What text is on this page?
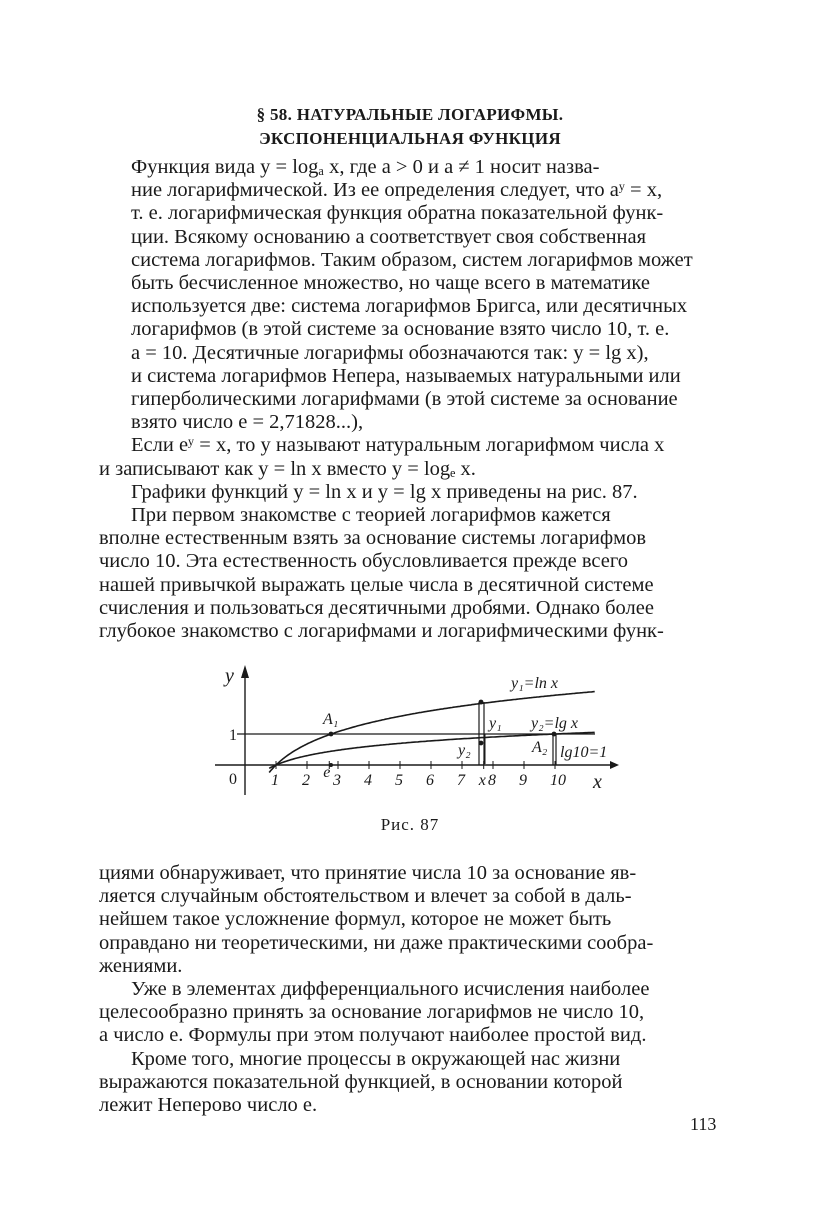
§ 58. НАТУРАЛЬНЫЕ ЛОГАРИФМЫ.
ЭКСПОНЕНЦИАЛЬНАЯ ФУНКЦИЯ
Функция вида y = logₐ x, где a > 0 и a ≠ 1 носит назва-
ние логарифмической. Из ее определения следует, что aʸ = x,
т. е. логарифмическая функция обратна показательной функ-
ции. Всякому основанию a соответствует своя собственная
система логарифмов. Таким образом, систем логарифмов может
быть бесчисленное множество, но чаще всего в математике
используется две: система логарифмов Бригса, или десятичных
логарифмов (в этой системе за основание взято число 10, т. е.
a = 10. Десятичные логарифмы обозначаются так: y = lg x),
и система логарифмов Непера, называемых натуральными или
гиперболическими логарифмами (в этой системе за основание
взято число e = 2,71828...),
Если eʸ = x, то y называют натуральным логарифмом числа x
и записывают как y = ln x вместо y = logₑ x.
Графики функций y = ln x и y = lg x приведены на рис. 87.
При первом знакомстве с теорией логарифмов кажется
вполне естественным взять за основание системы логарифмов
число 10. Эта естественность обусловливается прежде всего
нашей привычкой выражать целые числа в десятичной системе
счисления и пользоваться десятичными дробями. Однако более
глубокое знакомство с логарифмами и логарифмическими функ-
y
x
0
1
y₁=ln x
y₂=lg x
A₁
A₂
y₁
y₂	lg10=1
1 2 e 3 4 5 6 7 x 8 9 10
Рис. 87
циями обнаруживает, что принятие числа 10 за основание яв-
ляется случайным обстоятельством и влечет за собой в даль-
нейшем такое усложнение формул, которое не может быть
оправдано ни теоретическими, ни даже практическими сообра-
жениями.
Уже в элементах дифференциального исчисления наиболее
целесообразно принять за основание логарифмов не число 10,
а число e. Формулы при этом получают наиболее простой вид.
Кроме того, многие процессы в окружающей нас жизни
выражаются показательной функцией, в основании которой
лежит Неперово число e.
113
